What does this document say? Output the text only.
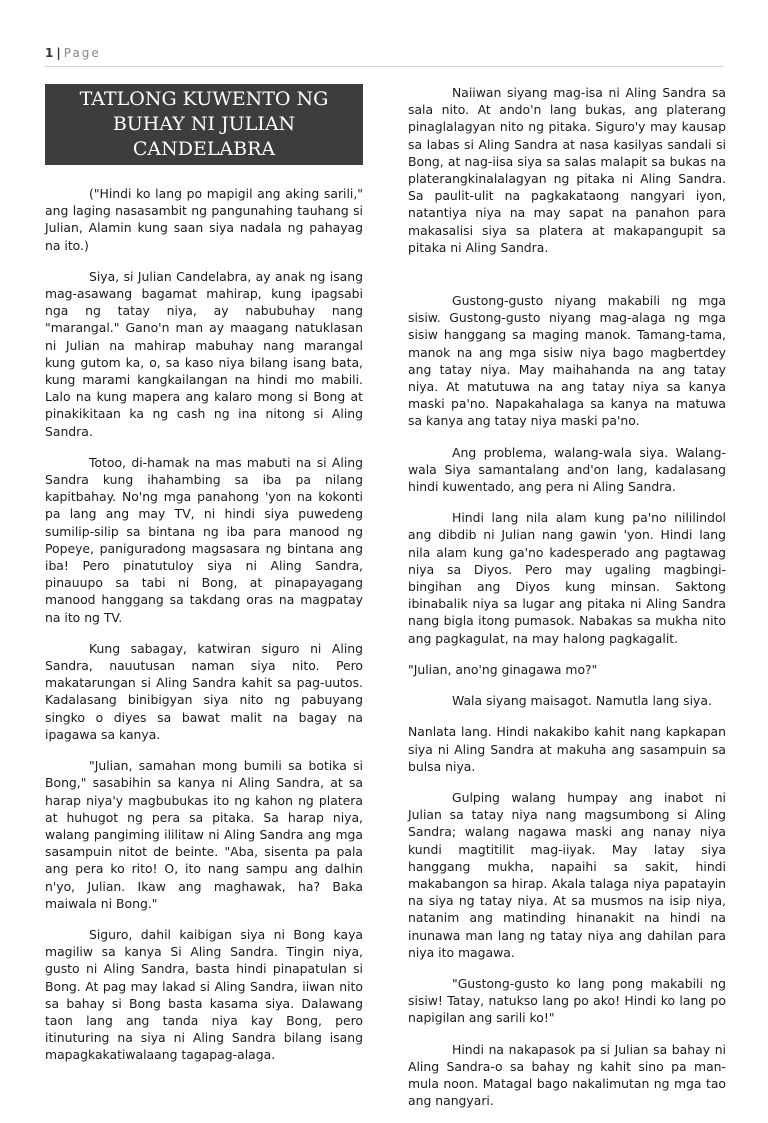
1 | Page
TATLONG KUWENTO NG BUHAY NI JULIAN CANDELABRA

("Hindi ko lang po mapigil ang aking sarili," ang laging nasasambit ng pangunahing tauhang si Julian, Alamin kung saan siya nadala ng pahayag na ito.)

Siya, si Julian Candelabra, ay anak ng isang mag-asawang bagamat mahirap, kung ipagsabi nga ng tatay niya, ay nabubuhay nang "marangal." Gano'n man ay maagang natuklasan ni Julian na mahirap mabuhay nang marangal kung gutom ka, o, sa kaso niya bilang isang bata, kung marami kangkailangan na hindi mo mabili. Lalo na kung mapera ang kalaro mong si Bong at pinakikitaan ka ng cash ng ina nitong si Aling Sandra.

Totoo, di-hamak na mas mabuti na si Aling Sandra kung ihahambing sa iba pa nilang kapitbahay. No'ng mga panahong 'yon na kokonti pa lang ang may TV, ni hindi siya puwedeng sumilip-silip sa bintana ng iba para manood ng Popeye, paniguradong magsasara ng bintana ang iba! Pero pinatutuloy siya ni Aling Sandra, pinauupo sa tabi ni Bong, at pinapayagang manood hanggang sa takdang oras na magpatay na ito ng TV.

Kung sabagay, katwiran siguro ni Aling Sandra, nauutusan naman siya nito. Pero makatarungan si Aling Sandra kahit sa pag-uutos. Kadalasang binibigyan siya nito ng pabuyang singko o diyes sa bawat malit na bagay na ipagawa sa kanya.

"Julian, samahan mong bumili sa botika si Bong," sasabihin sa kanya ni Aling Sandra, at sa harap niya'y magbubukas ito ng kahon ng platera at huhugot ng pera sa pitaka. Sa harap niya, walang pangiming ililitaw ni Aling Sandra ang mga sasampuin nitot de beinte. "Aba, sisenta pa pala ang pera ko rito! O, ito nang sampu ang dalhin n'yo, Julian. Ikaw ang maghawak, ha? Baka maiwala ni Bong."

Siguro, dahil kaibigan siya ni Bong kaya magiliw sa kanya Si Aling Sandra. Tingin niya, gusto ni Aling Sandra, basta hindi pinapatulan si Bong. At pag may lakad si Aling Sandra, iiwan nito sa bahay si Bong basta kasama siya. Dalawang taon lang ang tanda niya kay Bong, pero itinuturing na siya ni Aling Sandra bilang isang mapagkakatiwalaang tagapag-alaga.

Naiiwan siyang mag-isa ni Aling Sandra sa sala nito. At ando'n lang bukas, ang platerang pinaglalagyan nito ng pitaka. Siguro'y may kausap sa labas si Aling Sandra at nasa kasilyas sandali si Bong, at nag-iisa siya sa salas malapit sa bukas na platerangkinalalagyan ng pitaka ni Aling Sandra. Sa paulit-ulit na pagkakataong nangyari iyon, natantiya niya na may sapat na panahon para makasalisi siya sa platera at makapangupit sa pitaka ni Aling Sandra.

Gustong-gusto niyang makabili ng mga sisiw. Gustong-gusto niyang mag-alaga ng mga sisiw hanggang sa maging manok. Tamang-tama, manok na ang mga sisiw niya bago magbertdey ang tatay niya. May maihahanda na ang tatay niya. At matutuwa na ang tatay niya sa kanya maski pa'no. Napakahalaga sa kanya na matuwa sa kanya ang tatay niya maski pa'no.

Ang problema, walang-wala siya. Walang-wala Siya samantalang and'on lang, kadalasang hindi kuwentado, ang pera ni Aling Sandra.

Hindi lang nila alam kung pa'no nililindol ang dibdib ni Julian nang gawin 'yon. Hindi lang nila alam kung ga'no kadesperado ang pagtawag niya sa Diyos. Pero may ugaling magbingi-bingihan ang Diyos kung minsan. Saktong ibinabalik niya sa lugar ang pitaka ni Aling Sandra nang bigla itong pumasok. Nabakas sa mukha nito ang pagkagulat, na may halong pagkagalit.

"Julian, ano'ng ginagawa mo?"

Wala siyang maisagot. Namutla lang siya.

Nanlata lang. Hindi nakakibo kahit nang kapkapan siya ni Aling Sandra at makuha ang sasampuin sa bulsa niya.

Gulping walang humpay ang inabot ni Julian sa tatay niya nang magsumbong si Aling Sandra; walang nagawa maski ang nanay niya kundi magtitilit mag-iiyak. May latay siya hanggang mukha, napaihi sa sakit, hindi makabangon sa hirap. Akala talaga niya papatayin na siya ng tatay niya. At sa musmos na isip niya, natanim ang matinding hinanakit na hindi na inunawa man lang ng tatay niya ang dahilan para niya ito magawa.

"Gustong-gusto ko lang pong makabili ng sisiw! Tatay, natukso lang po ako! Hindi ko lang po napigilan ang sarili ko!"

Hindi na nakapasok pa si Julian sa bahay ni Aling Sandra-o sa bahay ng kahit sino pa man-mula noon. Matagal bago nakalimutan ng mga tao ang nangyari.
